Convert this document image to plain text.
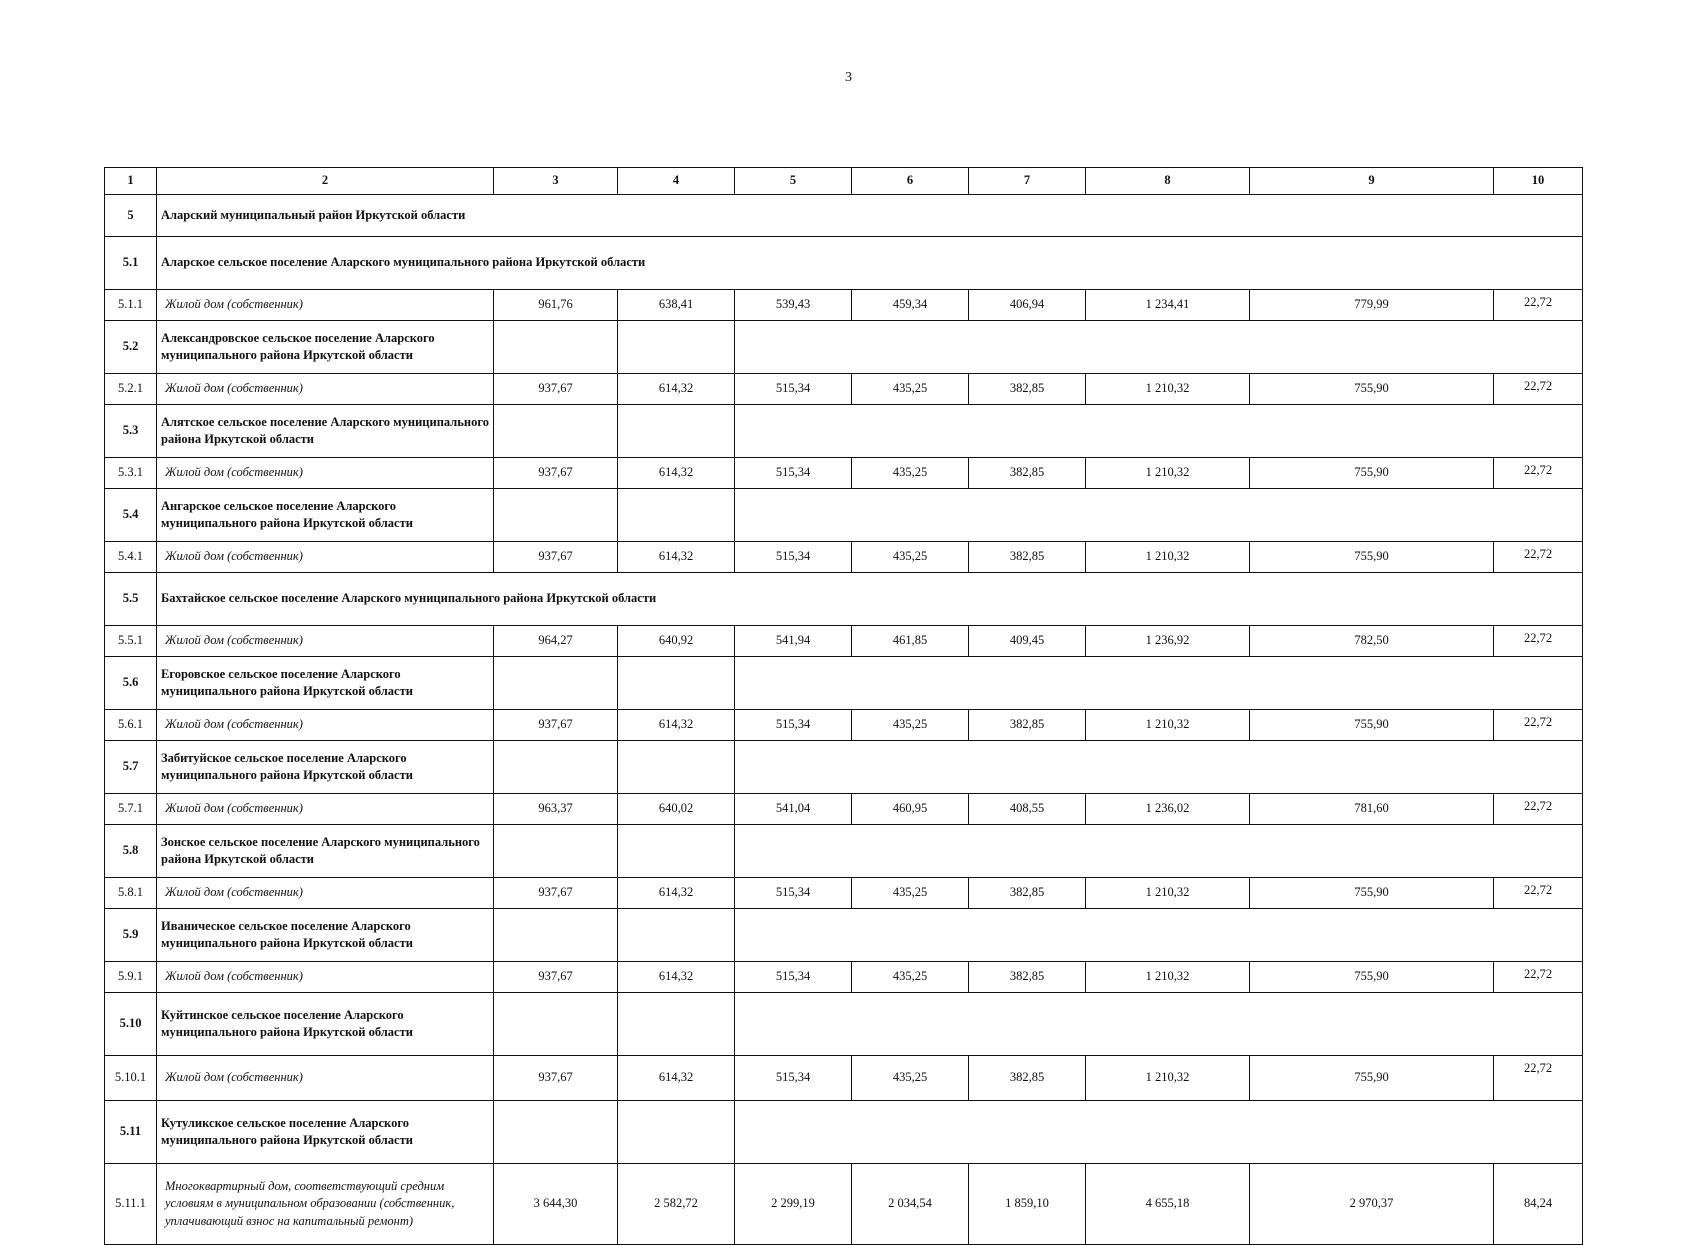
3
1	2	3	4	5	6	7	8	9	10
5	Аларский муниципальный район Иркутской области								
5.1	Аларское сельское поселение Аларского муниципального района Иркутской области								
5.1.1	Жилой дом (собственник)	961,76	638,41	539,43	459,34	406,94	1 234,41	779,99	22,72
5.2	Александровское сельское поселение Аларского муниципального района Иркутской области								
5.2.1	Жилой дом (собственник)	937,67	614,32	515,34	435,25	382,85	1 210,32	755,90	22,72
5.3	Алятское сельское поселение Аларского муниципального района Иркутской области								
5.3.1	Жилой дом (собственник)	937,67	614,32	515,34	435,25	382,85	1 210,32	755,90	22,72
5.4	Ангарское сельское поселение Аларского муниципального района Иркутской области								
5.4.1	Жилой дом (собственник)	937,67	614,32	515,34	435,25	382,85	1 210,32	755,90	22,72
5.5	Бахтайское сельское поселение Аларского муниципального района Иркутской области								
5.5.1	Жилой дом (собственник)	964,27	640,92	541,94	461,85	409,45	1 236,92	782,50	22,72
5.6	Егоровское сельское поселение Аларского муниципального района Иркутской области								
5.6.1	Жилой дом (собственник)	937,67	614,32	515,34	435,25	382,85	1 210,32	755,90	22,72
5.7	Забитуйское сельское поселение Аларского муниципального района Иркутской области								
5.7.1	Жилой дом (собственник)	963,37	640,02	541,04	460,95	408,55	1 236,02	781,60	22,72
5.8	Зонское сельское поселение Аларского муниципального района Иркутской области								
5.8.1	Жилой дом (собственник)	937,67	614,32	515,34	435,25	382,85	1 210,32	755,90	22,72
5.9	Иваническое сельское поселение Аларского муниципального района Иркутской области								
5.9.1	Жилой дом (собственник)	937,67	614,32	515,34	435,25	382,85	1 210,32	755,90	22,72
5.10	Куйтинское сельское поселение Аларского муниципального района Иркутской области								
5.10.1	Жилой дом (собственник)	937,67	614,32	515,34	435,25	382,85	1 210,32	755,90	22,72
5.11	Кутуликское сельское поселение Аларского муниципального района Иркутской области								
5.11.1	Многоквартирный дом, соответствующий средним условиям в муниципальном образовании (собственник, уплачивающий взнос на капитальный ремонт)	3 644,30	2 582,72	2 299,19	2 034,54	1 859,10	4 655,18	2 970,37	84,24
